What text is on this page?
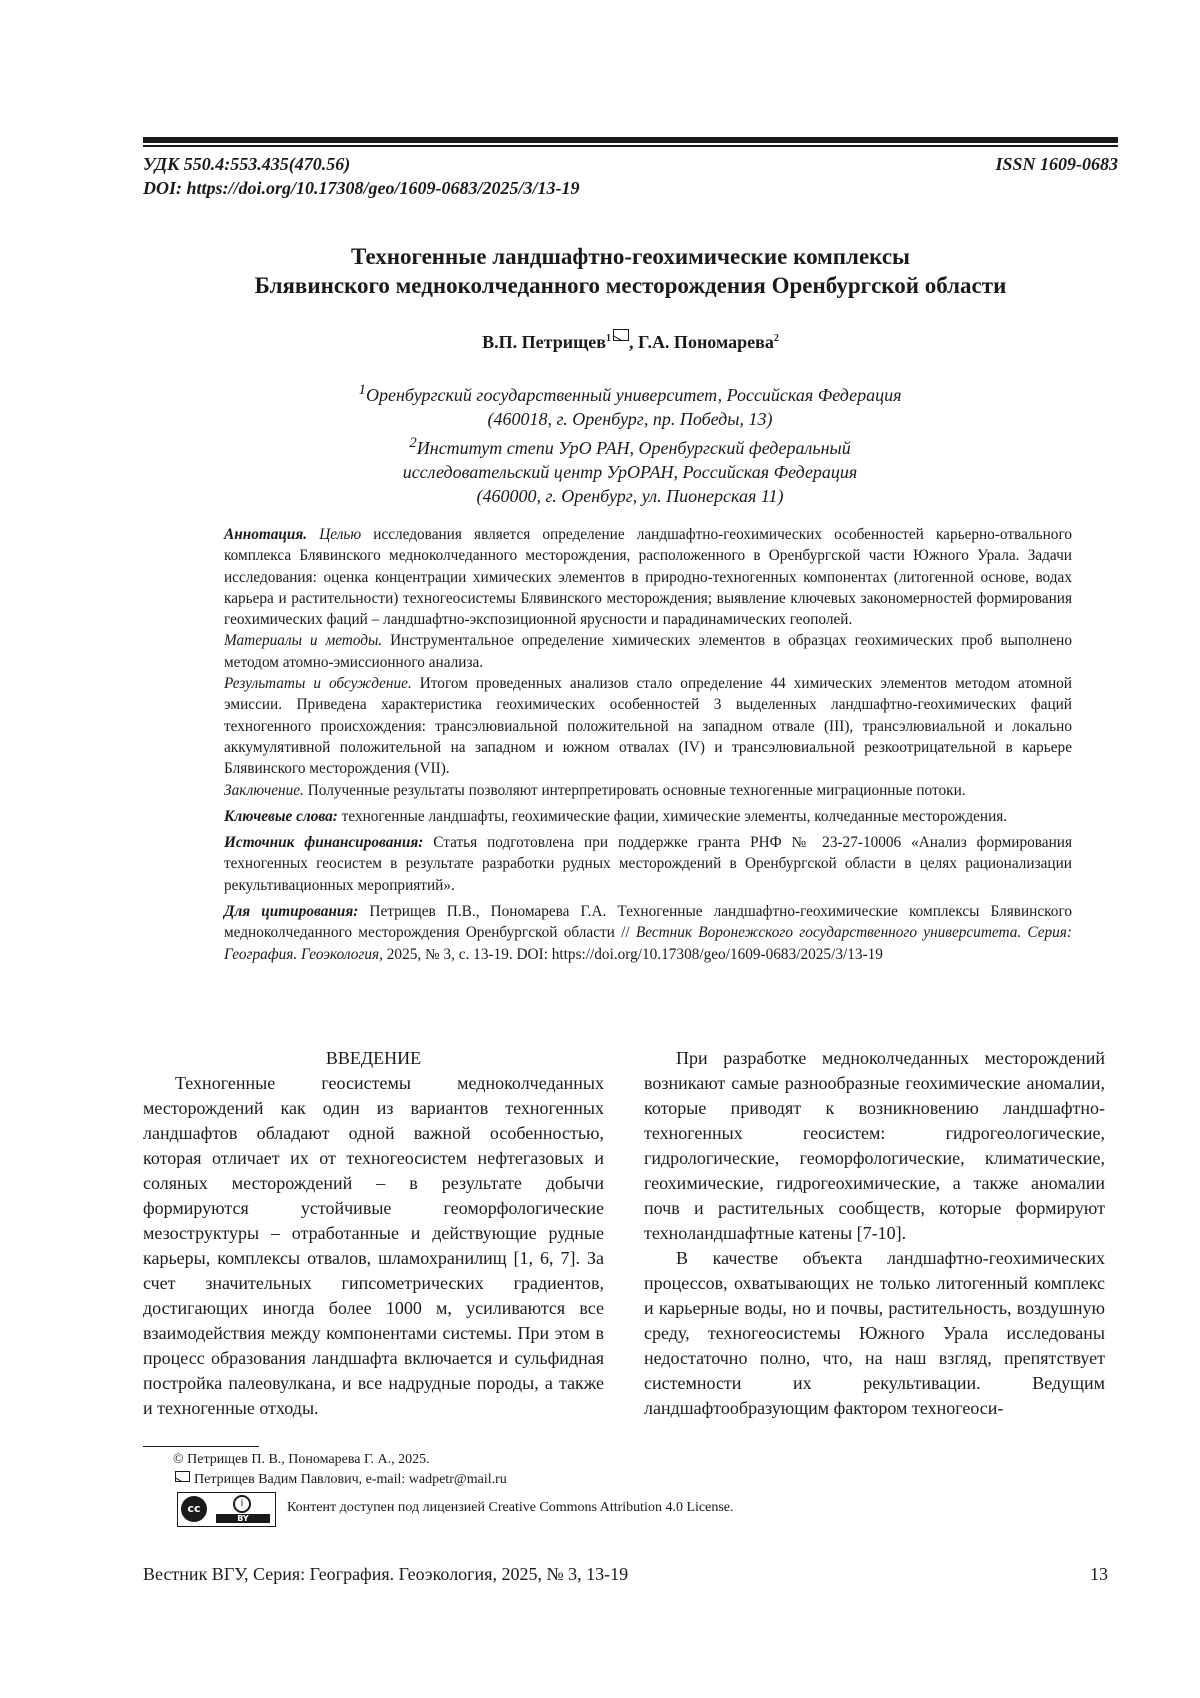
УДК 550.4:553.435(470.56)
DOI: https://doi.org/10.17308/geo/1609-0683/2025/3/13-19
ISSN 1609-0683
Техногенные ландшафтно-геохимические комплексы
Блявинского медноколчеданного месторождения Оренбургской области
В.П. Петрищев$^1$ , Г.А. Пономарева$^2$

$^1$Оренбургский государственный университет, Российская Федерация

(460018, г. Оренбург, пр. Победы, 13)

$^2$Институт степи УрО РАН, Оренбургский федеральный

исследовательский центр УрОРАН, Российская Федерация

(460000, г. Оренбург, ул. Пионерская 11)

Аннотация. Целью исследования является определение ландшафтно-геохимических особенностей карьерно-отвального комплекса Блявинского медноколчеданного месторождения, расположенного в Оренбургской части Южного Урала. Задачи исследования: оценка концентрации химических элементов в природно-техногенных компонентах (литогенной основе, водах карьера и растительности) техногеосистемы Блявинского месторождения; выявление ключевых закономерностей формирования геохимических фаций – ландшафтно-экспозиционной ярусности и парадинамических геополей.

Материалы и методы. Инструментальное определение химических элементов в образцах геохимических проб выполнено методом атомно-эмиссионного анализа.

Результаты и обсуждение. Итогом проведенных анализов стало определение 44 химических элементов методом атомной эмиссии. Приведена характеристика геохимических особенностей 3 выделенных ландшафтно-геохимических фаций техногенного происхождения: трансэлювиальной положительной на западном отвале (III), трансэлювиальной и локально аккумулятивной положительной на западном и южном отвалах (IV) и трансэлювиальной резкоотрицательной в карьере Блявинского месторождения (VII).

Заключение. Полученные результаты позволяют интерпретировать основные техногенные миграционные потоки.

Ключевые слова: техногенные ландшафты, геохимические фации, химические элементы, колчеданные месторождения.

Источник финансирования: Статья подготовлена при поддержке гранта РНФ № 23-27-10006 «Анализ формирования техногенных геосистем в результате разработки рудных месторождений в Оренбургской области в целях рационализации рекультивационных мероприятий».

Для цитирования: Петрищев П.В., Пономарева Г.А. Техногенные ландшафтно-геохимические комплексы Блявинского медноколчеданного месторождения Оренбургской области // Вестник Воронежского государственного университета. Серия: География. Геоэкология, 2025, № 3, с. 13-19. DOI: https://doi.org/10.17308/geo/1609-0683/2025/3/13-19

ВВЕДЕНИЕ

Техногенные геосистемы медноколчеданных месторождений как один из вариантов техногенных ландшафтов обладают одной важной особенностью, которая отличает их от техногеосистем нефтегазовых и соляных месторождений – в результате добычи формируются устойчивые геоморфологические мезоструктуры – отработанные и действующие рудные карьеры, комплексы отвалов, шламохранилищ [1, 6, 7]. За счет значительных гипсометрических градиентов, достигающих иногда более 1000 м, усиливаются все взаимодействия между компонентами системы. При этом в процесс образования ландшафта включается и сульфидная постройка палеовулкана, и все надрудные породы, а также и техногенные отходы.

При разработке медноколчеданных месторождений возникают самые разнообразные геохимические аномалии, которые приводят к возникновению ландшафтно-техногенных геосистем: гидрогеологические, гидрологические, геоморфологические, климатические, геохимические, гидрогеохимические, а также аномалии почв и растительных сообществ, которые формируют технoландшафтные катены [7-10].

В качестве объекта ландшафтно-геохимических процессов, охватывающих не только литогенный комплекс и карьерные воды, но и почвы, растительность, воздушную среду, техногеосистемы Южного Урала исследованы недостаточно полно, что, на наш взгляд, препятствует системности их рекультивации. Ведущим ландшафтообразующим фактором техногеоси-

© Петрищев П. В., Пономарева Г. А., 2025.
Петрищев Вадим Павлович, e-mail: wadpetr@mail.ru
cc	i
BY
Контент доступен под лицензией Creative Commons Attribution 4.0 License.
Вестник ВГУ, Серия: География. Геоэкология, 2025, № 3, 13-19	13
